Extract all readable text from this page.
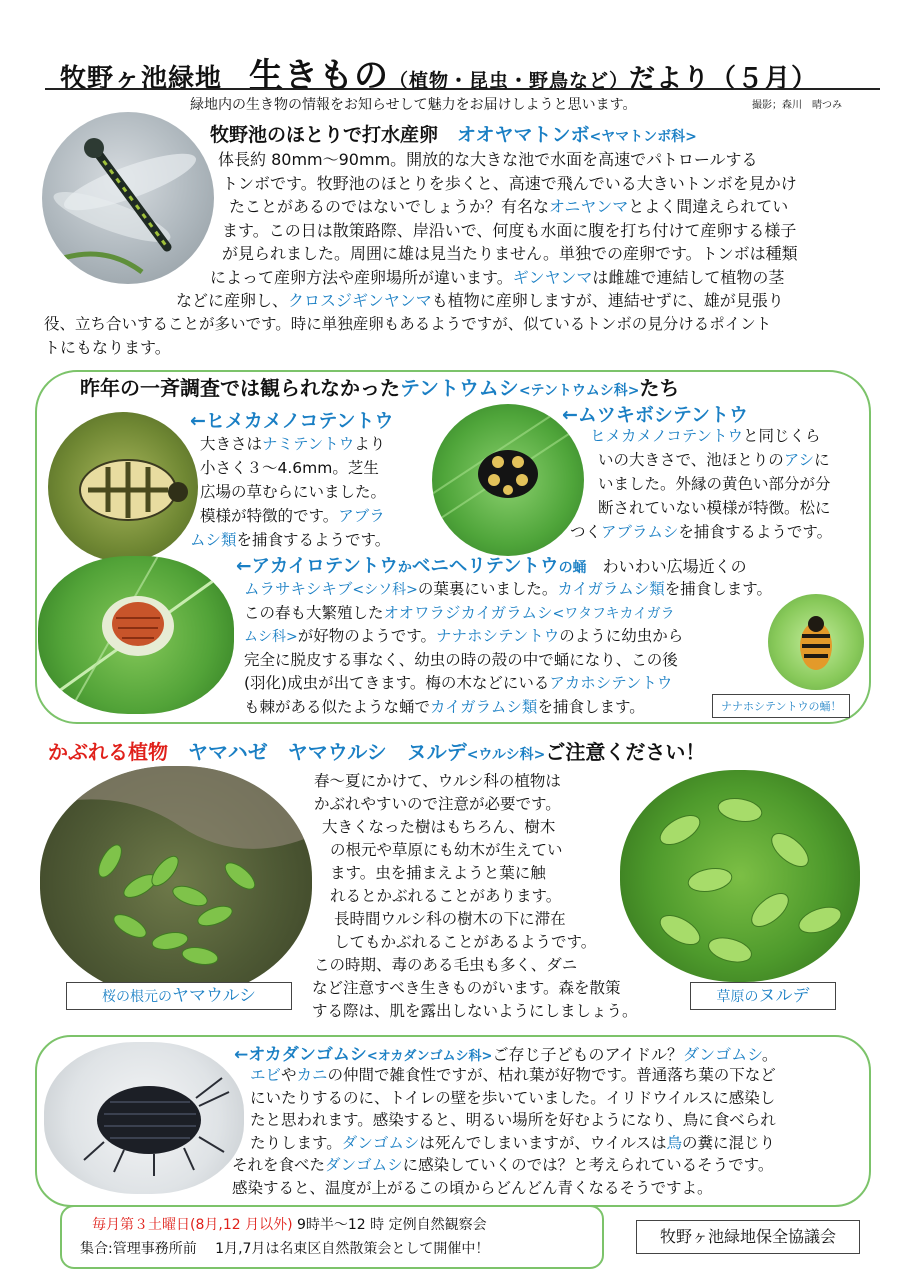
牧野ヶ池緑地　生きもの（植物・昆虫・野鳥など）だより（５月）
緑地内の生き物の情報をお知らせして魅力をお届けしようと思います。	撮影；森川　晴つみ
牧野池のほとりで打水産卵　オオヤマトンボ<ヤマトンボ科>
体長約 80mm〜90mm。開放的な大きな池で水面を高速でパトロールする
トンボです。牧野池のほとりを歩くと、高速で飛んでいる大きいトンボを見かけ
たことがあるのではないでしょうか？有名なオニヤンマとよく間違えられてい
ます。この日は散策路際、岸沿いで、何度も水面に腹を打ち付けて産卵する様子
が見られました。周囲に雄は見当たりません。単独での産卵です。トンボは種類
によって産卵方法や産卵場所が違います。ギンヤンマは雌雄で連結して植物の茎
などに産卵し、クロスジギンヤンマも植物に産卵しますが、連結せずに、雄が見張り
役、立ち合いすることが多いです。時に単独産卵もあるようですが、似ているトンボの見分けるポイント
トにもなります。
昨年の一斉調査では観られなかったテントウムシ<テントウムシ科>たち
←ヒメカメノコテントウ
大きさはナミテントウより
小さく３〜4.6mm。芝生
広場の草むらにいました。
模様が特徴的です。アブラ
ムシ類を捕食するようです。
←ムツキボシテントウ
ヒメカメノコテントウと同じくら
いの大きさで、池ほとりのアシに
いました。外縁の黄色い部分が分
断されていない模様が特徴。松に
つくアブラムシを捕食するようです。
←アカイロテントウかベニヘリテントウの蛹　わいわい広場近くの
ムラサキシキブ<シソ科>の葉裏にいました。カイガラムシ類を捕食します。
この春も大繁殖したオオワラジカイガラムシ<ワタフキカイガラ
ムシ科>が好物のようです。ナナホシテントウのように幼虫から
完全に脱皮する事なく、幼虫の時の殻の中で蛹になり、この後
(羽化)成虫が出てきます。梅の木などにいるアカホシテントウ
も棘がある似たような蛹でカイガラムシ類を捕食します。	ナナホシテントウの蛹！
かぶれる植物　ヤマハゼ　ヤマウルシ　ヌルデ<ウルシ科>ご注意ください！
桜の根元のヤマウルシ
春〜夏にかけて、ウルシ科の植物は
かぶれやすいので注意が必要です。
大きくなった樹はもちろん、樹木
の根元や草原にも幼木が生えてい
ます。虫を捕まえようと葉に触
れるとかぶれることがあります。
長時間ウルシ科の樹木の下に滞在
してもかぶれることがあるようです。
この時期、毒のある毛虫も多く、ダニ
など注意すべき生きものがいます。森を散策
する際は、肌を露出しないようにしましょう。
草原のヌルデ
←オカダンゴムシ<オカダンゴムシ科>ご存じ子どものアイドル？ダンゴムシ。
エビやカニの仲間で雑食性ですが、枯れ葉が好物です。普通落ち葉の下など
にいたりするのに、トイレの壁を歩いていました。イリドウイルスに感染し
たと思われます。感染すると、明るい場所を好むようになり、鳥に食べられ
たりします。ダンゴムシは死んでしまいますが、ウイルスは鳥の糞に混じり
それを食べたダンゴムシに感染していくのでは？と考えられているそうです。
感染すると、温度が上がるこの頃からどんどん青くなるそうですよ。
毎月第３土曜日(8月,12 月以外) 9時半〜12 時 定例自然観察会
集合:管理事務所前　 1月,7月は名東区自然散策会として開催中！
牧野ヶ池緑地保全協議会
